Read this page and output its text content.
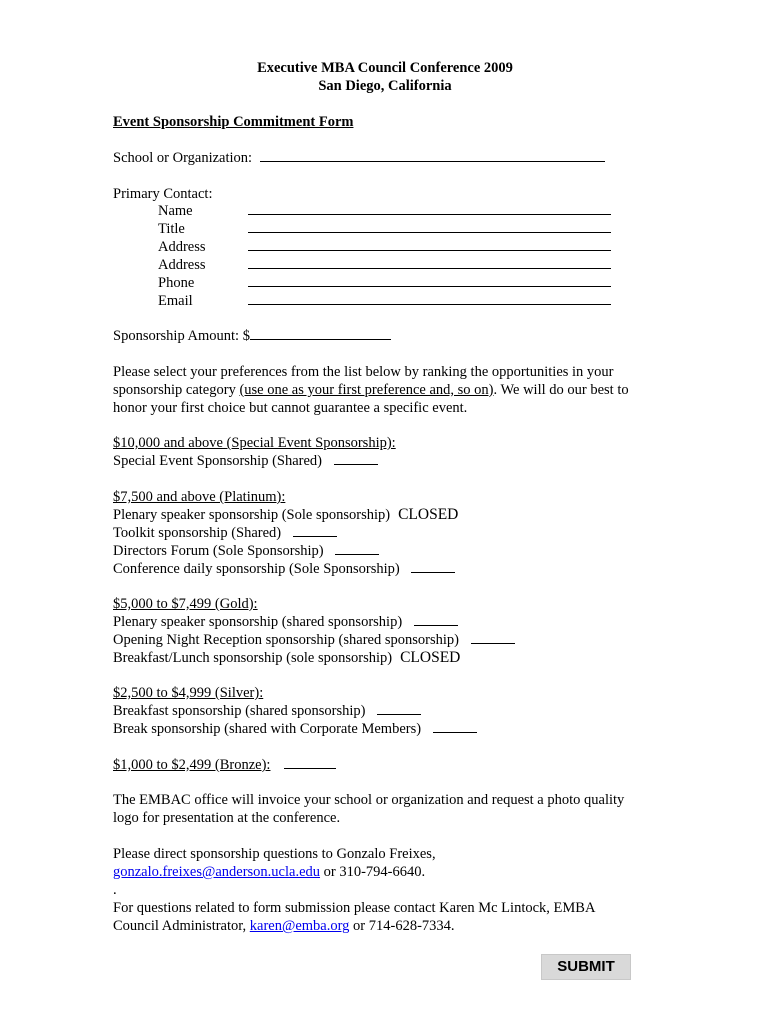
Executive MBA Council Conference 2009
San Diego, California
Event Sponsorship Commitment Form
School or Organization:
Primary Contact:
Name
Title
Address
Address
Phone
Email
Sponsorship Amount: $
Please select your preferences from the list below by ranking the opportunities in your
sponsorship category (use one as your first preference and, so on). We will do our best to
honor your first choice but cannot guarantee a specific event.
$10,000 and above (Special Event Sponsorship):
Special Event Sponsorship (Shared)
$7,500 and above (Platinum):
Plenary speaker sponsorship (Sole sponsorship) CLOSED
Toolkit sponsorship (Shared)
Directors Forum (Sole Sponsorship)
Conference daily sponsorship (Sole Sponsorship)
$5,000 to $7,499 (Gold):
Plenary speaker sponsorship (shared sponsorship)
Opening Night Reception sponsorship (shared sponsorship)
Breakfast/Lunch sponsorship (sole sponsorship) CLOSED
$2,500 to $4,999 (Silver):
Breakfast sponsorship (shared sponsorship)
Break sponsorship (shared with Corporate Members)
$1,000 to $2,499 (Bronze):
The EMBAC office will invoice your school or organization and request a photo quality
logo for presentation at the conference.
Please direct sponsorship questions to Gonzalo Freixes,
gonzalo.freixes@anderson.ucla.edu or 310-794-6640.
.
For questions related to form submission please contact Karen Mc Lintock, EMBA
Council Administrator, karen@emba.org or 714-628-7334.
SUBMIT
